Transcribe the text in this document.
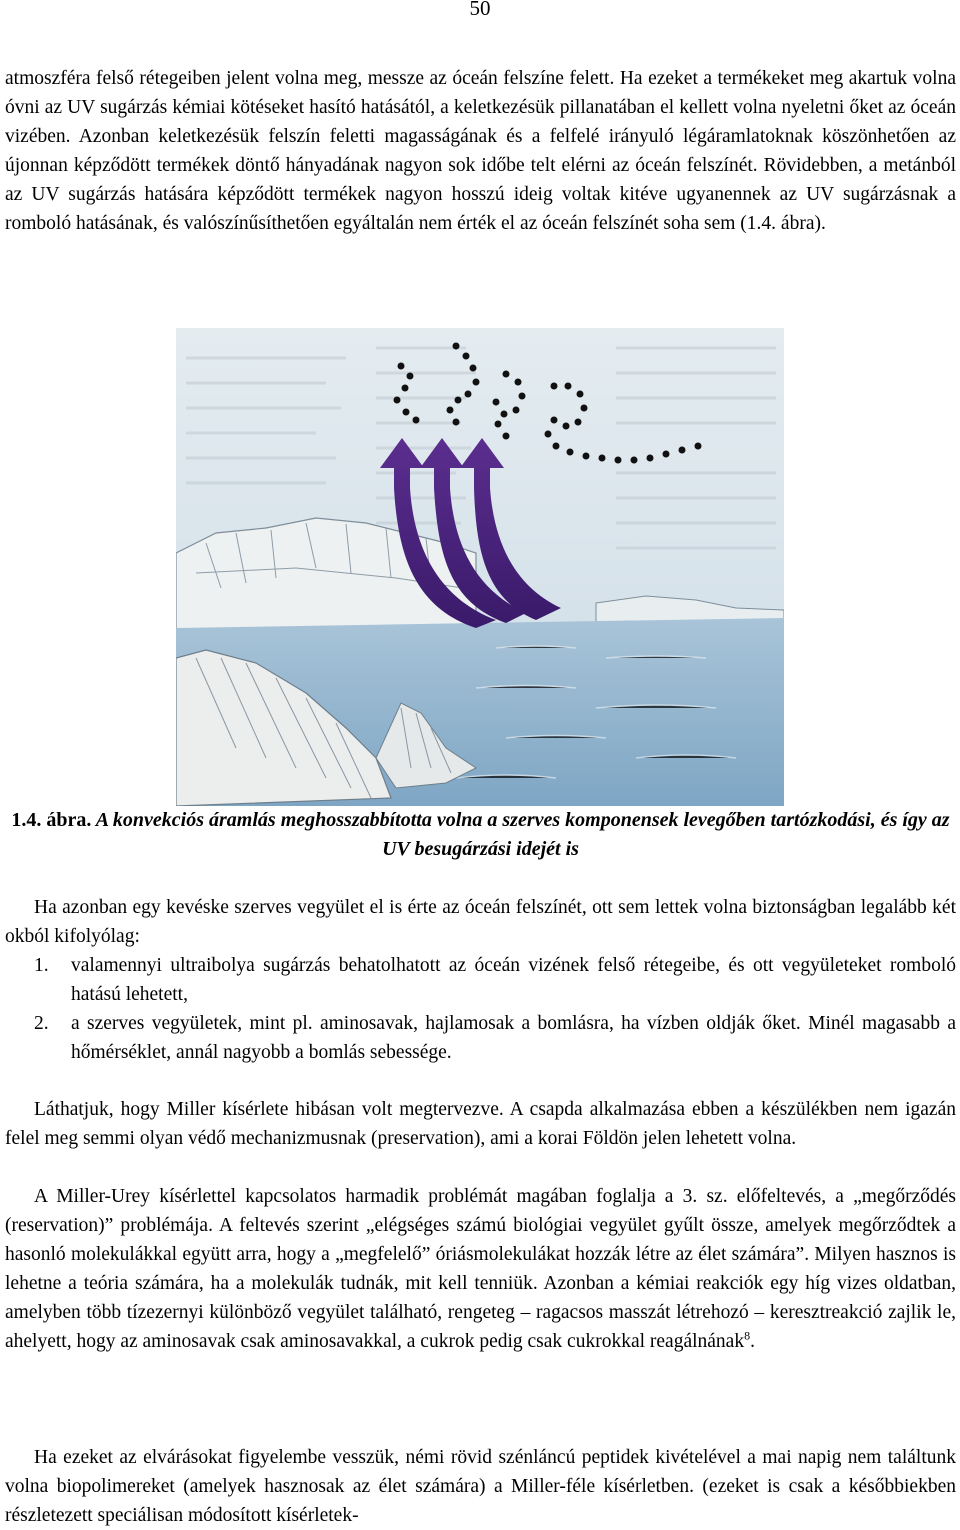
50

atmoszféra felső rétegeiben jelent volna meg, messze az óceán felszíne felett. Ha ezeket a termékeket meg akartuk volna óvni az UV sugárzás kémiai kötéseket hasító hatásától, a keletkezésük pillanatában el kellett volna nyeletni őket az óceán vizében. Azonban keletkezésük felszín feletti magasságának és a felfelé irányuló légáramlatoknak köszönhetően az újonnan képződött termékek döntő hányadának nagyon sok időbe telt elérni az óceán felszínét. Rövidebben, a metánból az UV sugárzás hatására képződött termékek nagyon hosszú ideig voltak kitéve ugyanennek az UV sugárzásnak a romboló hatásának, és valószínűsíthetően egyáltalán nem érték el az óceán felszínét soha sem (1.4. ábra).

1.4. ábra. A konvekciós áramlás meghosszabbította volna a szerves komponensek levegőben tartózkodási, és így az UV besugárzási idejét is

Ha azonban egy kevéske szerves vegyület el is érte az óceán felszínét, ott sem lettek volna biztonságban legalább két okból kifolyólag:

1.	valamennyi ultraibolya sugárzás behatolhatott az óceán vizének felső rétegeibe, és ott vegyületeket romboló hatású lehetett,
2.	a szerves vegyületek, mint pl. aminosavak, hajlamosak a bomlásra, ha vízben oldják őket. Minél magasabb a hőmérséklet, annál nagyobb a bomlás sebessége.

Láthatjuk, hogy Miller kísérlete hibásan volt megtervezve. A csapda alkalmazása ebben a készülékben nem igazán felel meg semmi olyan védő mechanizmusnak (preservation), ami a korai Földön jelen lehetett volna.

A Miller-Urey kísérlettel kapcsolatos harmadik problémát magában foglalja a 3. sz. előfeltevés, a „megőrződés (reservation)” problémája. A feltevés szerint „elégséges számú biológiai vegyület gyűlt össze, amelyek megőrződtek a hasonló molekulákkal együtt arra, hogy a „megfelelő” óriásmolekulákat hozzák létre az élet számára”. Milyen hasznos is lehetne a teória számára, ha a molekulák tudnák, mit kell tenniük. Azonban a kémiai reakciók egy híg vizes oldatban, amelyben több tízezernyi különböző vegyület található, rengeteg – ragacsos masszát létrehozó – keresztreakció zajlik le, ahelyett, hogy az aminosavak csak aminosavakkal, a cukrok pedig csak cukrokkal reagálnának$^8$.

Ha ezeket az elvárásokat figyelembe vesszük, némi rövid szénláncú peptidek kivételével a mai napig nem találtunk volna biopolimereket (amelyek hasznosak az élet számára) a Miller-féle kísérletben. (ezeket is csak a későbbiekben részletezett speciálisan módosított kísérletek-
